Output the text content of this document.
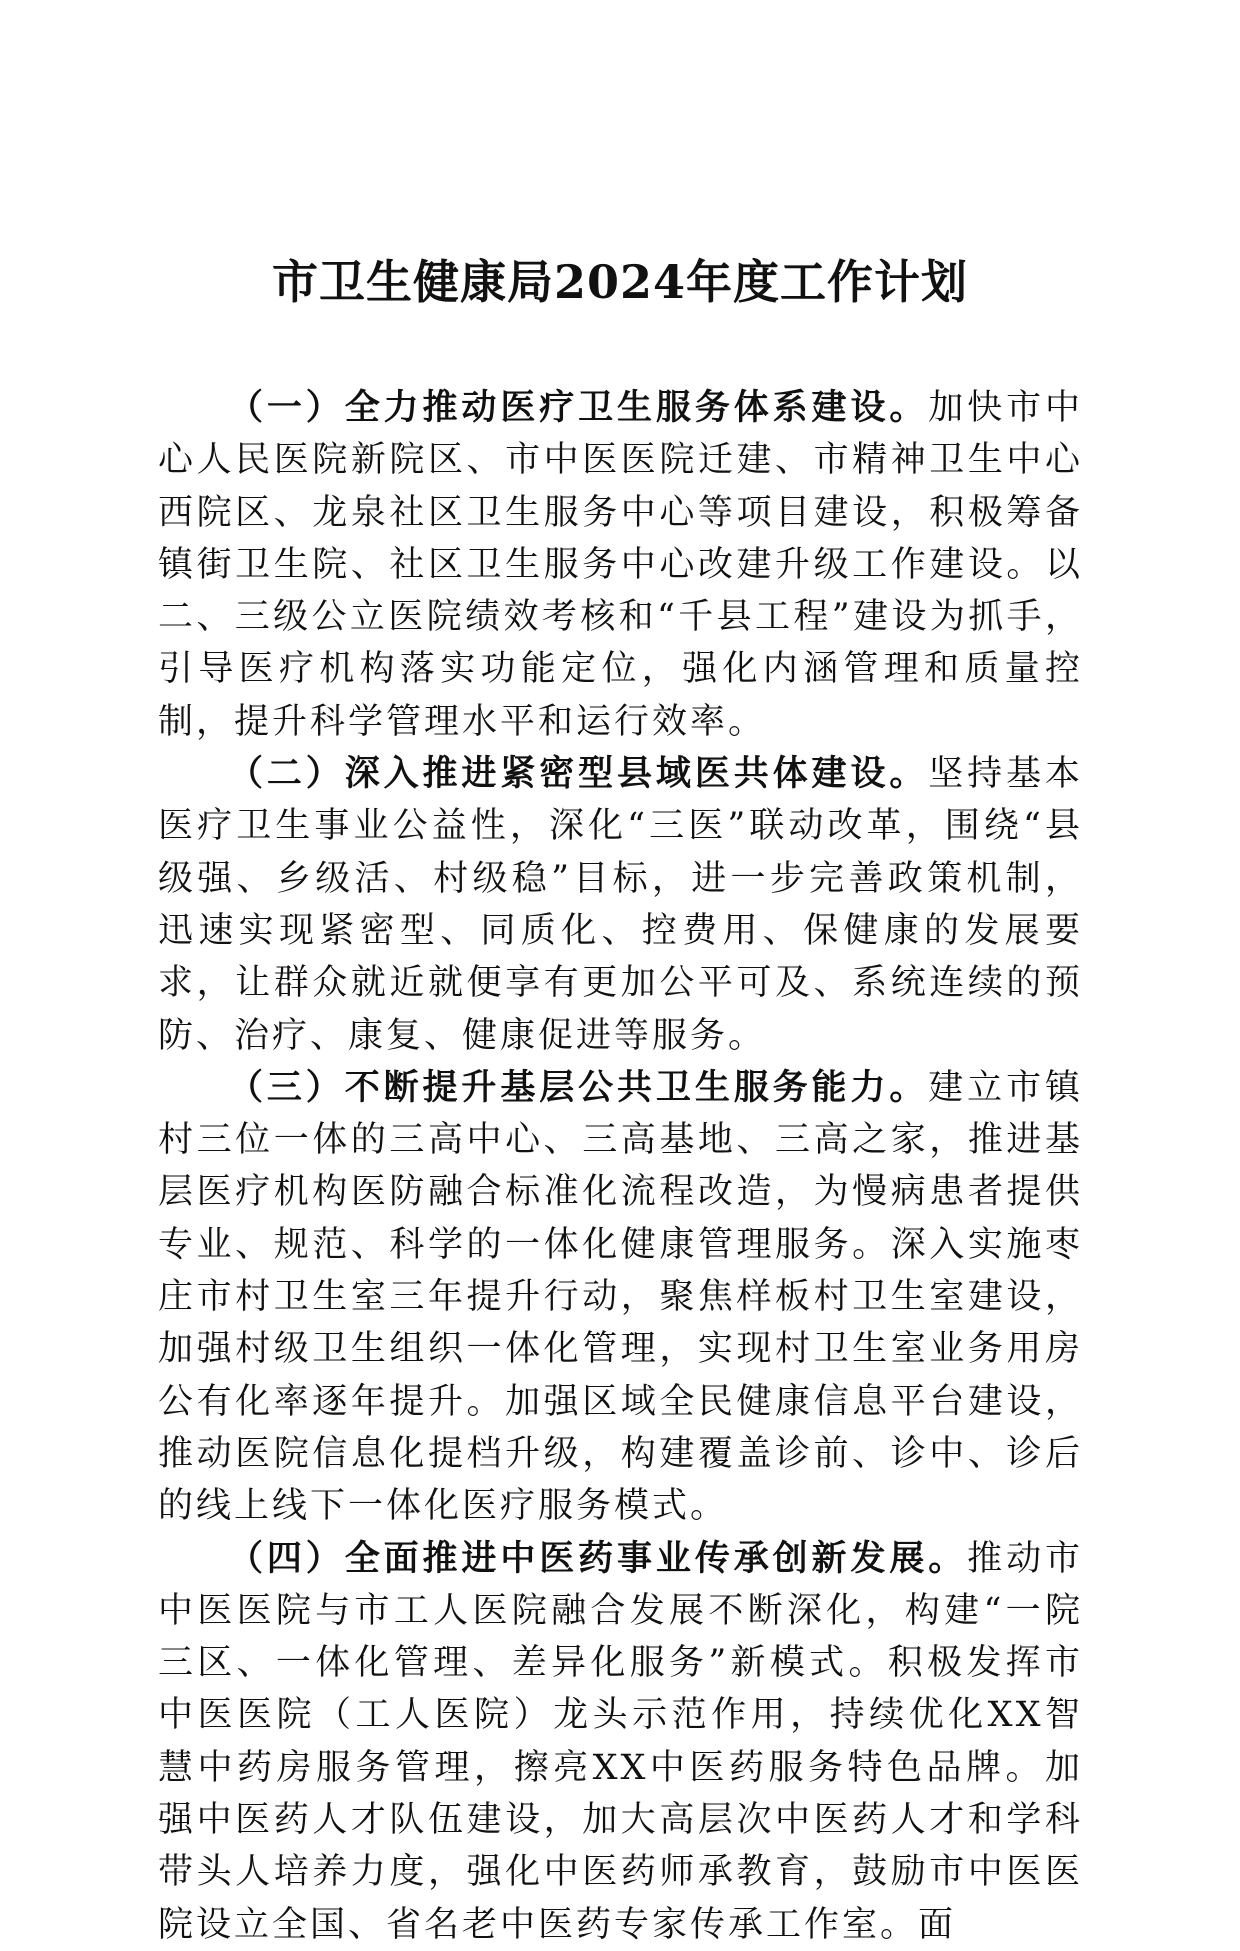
市卫生健康局2024年度工作计划

（一）全力推动医疗卫生服务体系建设。加快市中心人民医院新院区、市中医医院迁建、市精神卫生中心西院区、龙泉社区卫生服务中心等项目建设，积极筹备镇街卫生院、社区卫生服务中心改建升级工作建设。以二、三级公立医院绩效考核和“千县工程”建设为抓手，引导医疗机构落实功能定位，强化内涵管理和质量控制，提升科学管理水平和运行效率。

（二）深入推进紧密型县域医共体建设。坚持基本医疗卫生事业公益性，深化“三医”联动改革，围绕“县级强、乡级活、村级稳”目标，进一步完善政策机制，迅速实现紧密型、同质化、控费用、保健康的发展要求，让群众就近就便享有更加公平可及、系统连续的预防、治疗、康复、健康促进等服务。

（三）不断提升基层公共卫生服务能力。建立市镇村三位一体的三高中心、三高基地、三高之家，推进基层医疗机构医防融合标准化流程改造，为慢病患者提供专业、规范、科学的一体化健康管理服务。深入实施枣庄市村卫生室三年提升行动，聚焦样板村卫生室建设，加强村级卫生组织一体化管理，实现村卫生室业务用房公有化率逐年提升。加强区域全民健康信息平台建设，推动医院信息化提档升级，构建覆盖诊前、诊中、诊后的线上线下一体化医疗服务模式。

（四）全面推进中医药事业传承创新发展。推动市中医医院与市工人医院融合发展不断深化，构建“一院三区、一体化管理、差异化服务”新模式。积极发挥市中医医院（工人医院）龙头示范作用，持续优化XX智慧中药房服务管理，擦亮XX中医药服务特色品牌。加强中医药人才队伍建设，加大高层次中医药人才和学科带头人培养力度，强化中医药师承教育，鼓励市中医医院设立全国、省名老中医药专家传承工作室。面
